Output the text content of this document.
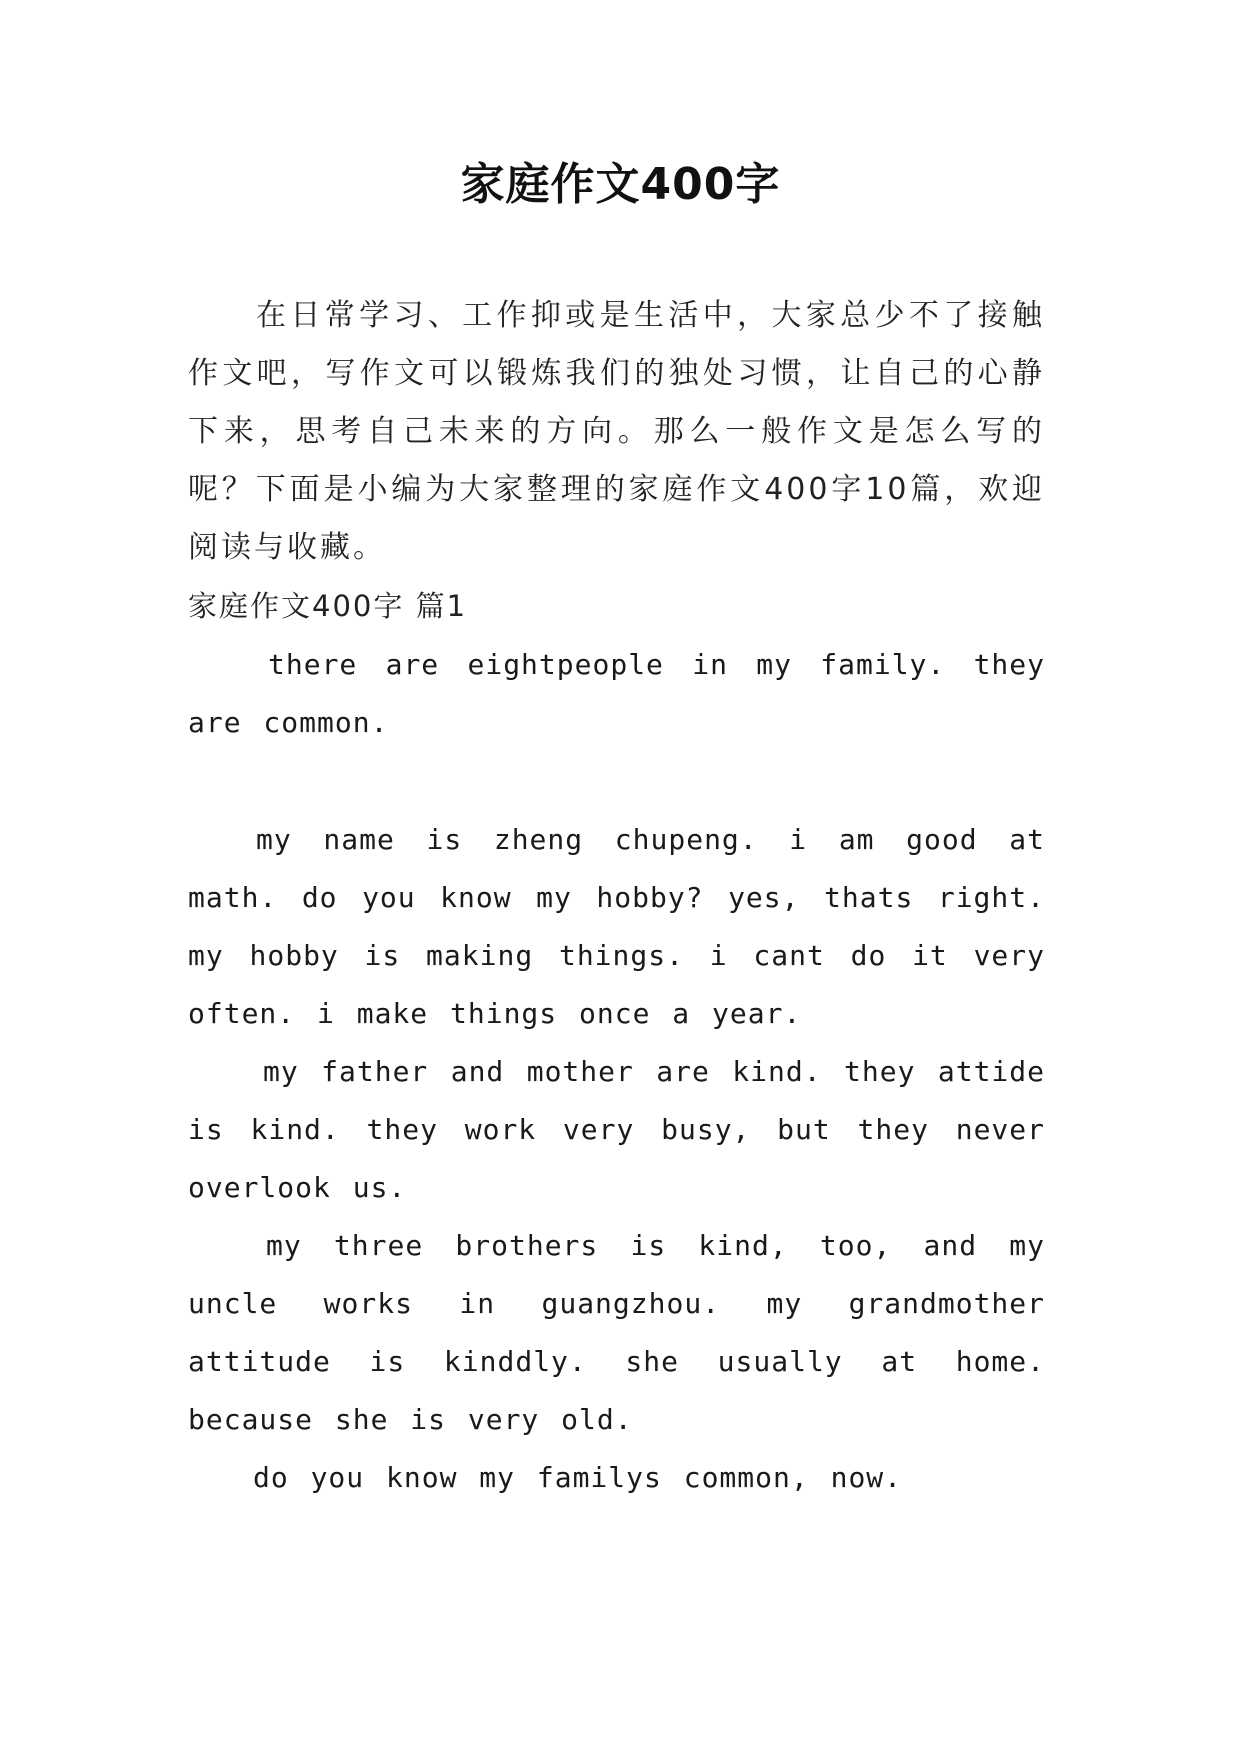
家庭作文400字

在日常学习、工作抑或是生活中，大家总少不了接触作文吧，写作文可以锻炼我们的独处习惯，让自己的心静下来，思考自己未来的方向。那么一般作文是怎么写的呢？下面是小编为大家整理的家庭作文400字10篇，欢迎阅读与收藏。

家庭作文400字 篇1

there are eightpeople in my family. they are common.

my name is zheng chupeng. i am good at math. do you know my hobby? yes, thats right. my hobby is making things. i cant do it very often. i make things once a year.

my father and mother are kind. they attide is kind. they work very busy, but they never overlook us.

my three brothers is kind, too, and my uncle works in guangzhou. my grandmother attitude is kinddly. she usually at home. because she is very old.

do you know my familys common, now.
